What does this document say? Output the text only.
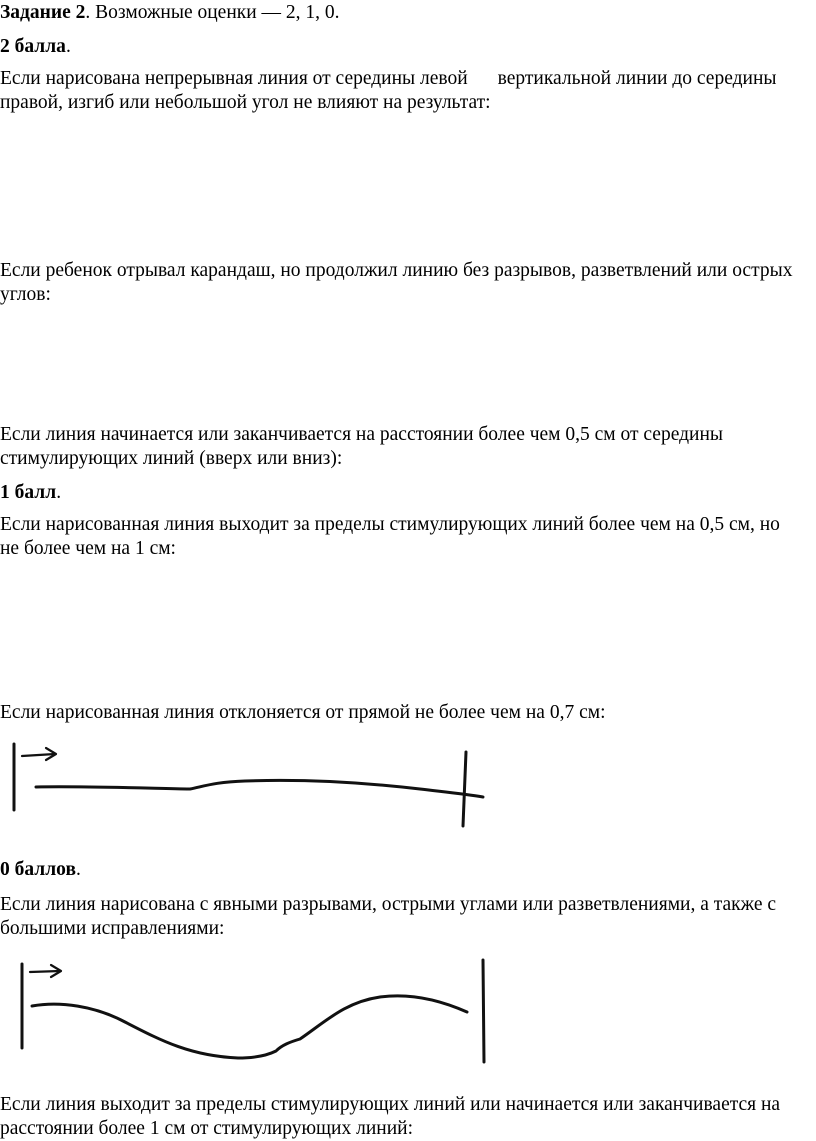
Задание 2. Возможные оценки — 2, 1, 0.
2 балла.
Если нарисована непрерывная линия от середины левой вертикальной линии до середины
правой, изгиб или небольшой угол не влияют на результат:
Если ребенок отрывал карандаш, но продолжил линию без разрывов, разветвлений или острых
углов:
Если линия начинается или заканчивается на расстоянии более чем 0,5 см от середины
стимулирующих линий (вверх или вниз):
1 балл.
Если нарисованная линия выходит за пределы стимулирующих линий более чем на 0,5 см, но
не более чем на 1 см:
Если нарисованная линия отклоняется от прямой не более чем на 0,7 см:
0 баллов.
Если линия нарисована с явными разрывами, острыми углами или разветвлениями, а также с
большими исправлениями:
Если линия выходит за пределы стимулирующих линий или начинается или заканчивается на
расстоянии более 1 см от стимулирующих линий:
